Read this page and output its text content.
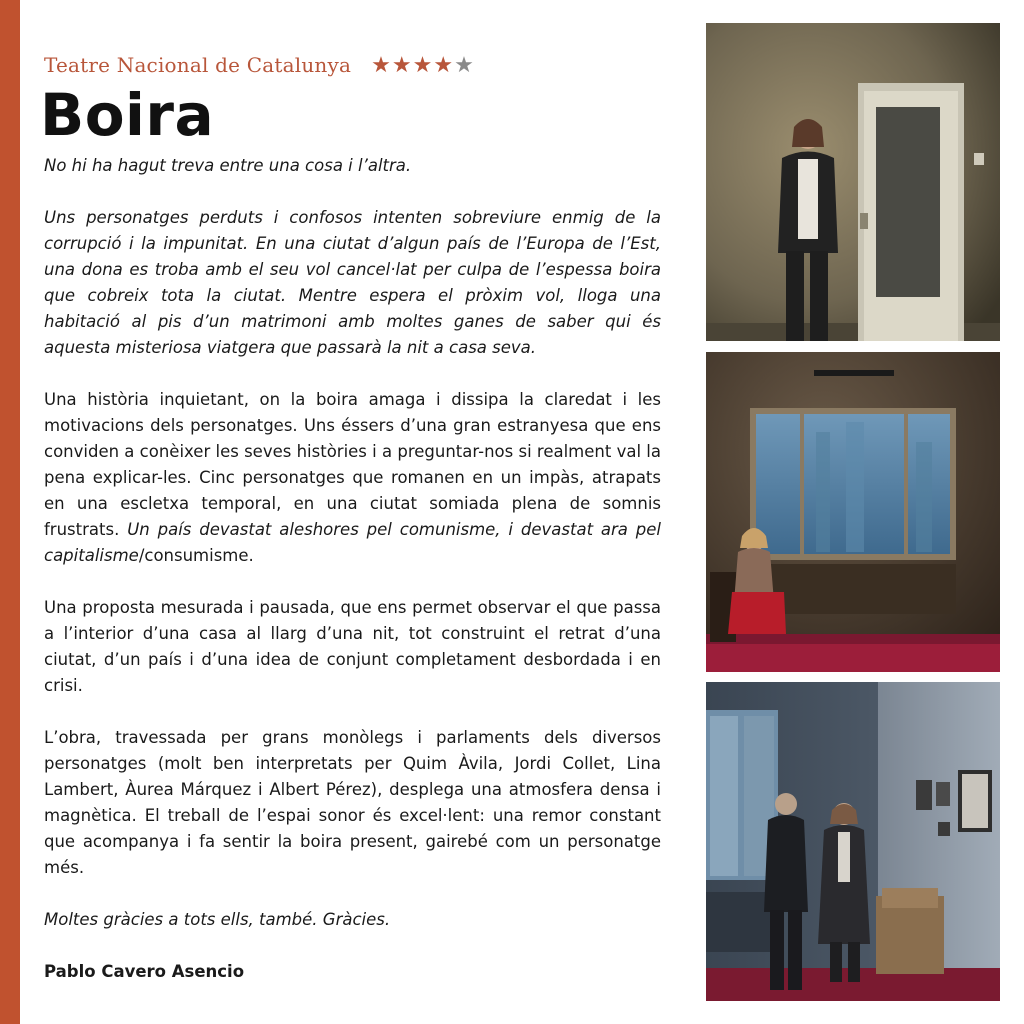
Teatre Nacional de Catalunya ★ ★ ★ ★ ★
Boira

No hi ha hagut treva entre una cosa i l’altra.

Uns personatges perduts i confosos intenten sobreviure enmig de la corrupció i la impunitat. En una ciutat d’algun país de l’Europa de l’Est, una dona es troba amb el seu vol cancel·lat per culpa de l’espessa boira que cobreix tota la ciutat. Mentre espera el pròxim vol, lloga una habitació al pis d’un matrimoni amb moltes ganes de saber qui és aquesta misteriosa viatgera que passarà la nit a casa seva.

Una història inquietant, on la boira amaga i dissipa la claredat i les motivacions dels personatges. Uns éssers d’una gran estranyesa que ens conviden a conèixer les seves històries i a preguntar-nos si realment val la pena explicar-les. Cinc personatges que romanen en un impàs, atrapats en una escletxa temporal, en una ciutat somiada plena de somnis frustrats. Un país devastat aleshores pel comunisme, i devastat ara pel capitalisme/consumisme.

Una proposta mesurada i pausada, que ens permet observar el que passa a l’interior d’una casa al llarg d’una nit, tot construint el retrat d’una ciutat, d’un país i d’una idea de conjunt completament desbordada i en crisi.

L’obra, travessada per grans monòlegs i parlaments dels diversos personatges (molt ben interpretats per Quim Àvila, Jordi Collet, Lina Lambert, Àurea Márquez i Albert Pérez), desplega una atmosfera densa i magnètica. El treball de l’espai sonor és excel·lent: una remor constant que acompanya i fa sentir la boira present, gairebé com un personatge més.

Moltes gràcies a tots ells, també. Gràcies.

Pablo Cavero Asencio
